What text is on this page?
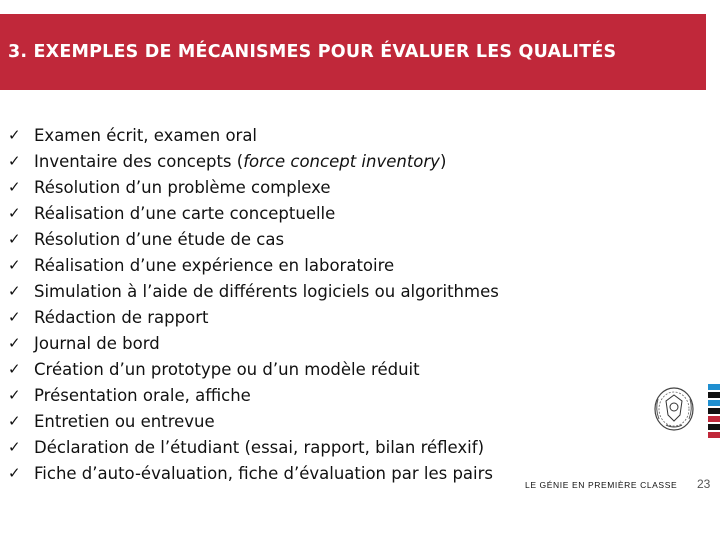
3. EXEMPLES DE MÉCANISMES POUR ÉVALUER LES QUALITÉS
✓ Examen écrit, examen oral
✓ Inventaire des concepts (force concept inventory)
✓ Résolution d’un problème complexe
✓ Réalisation d’une carte conceptuelle
✓ Résolution d’une étude de cas
✓ Réalisation d’une expérience en laboratoire
✓ Simulation à l’aide de différents logiciels ou algorithmes
✓ Rédaction de rapport
✓ Journal de bord
✓ Création d’un prototype ou d’un modèle réduit
✓ Présentation orale, affiche
✓ Entretien ou entrevue
✓ Déclaration de l’étudiant (essai, rapport, bilan réflexif)
✓ Fiche d’auto-évaluation, fiche d’évaluation par les pairs
LE GÉNIE EN PREMIÈRE CLASSE 23
